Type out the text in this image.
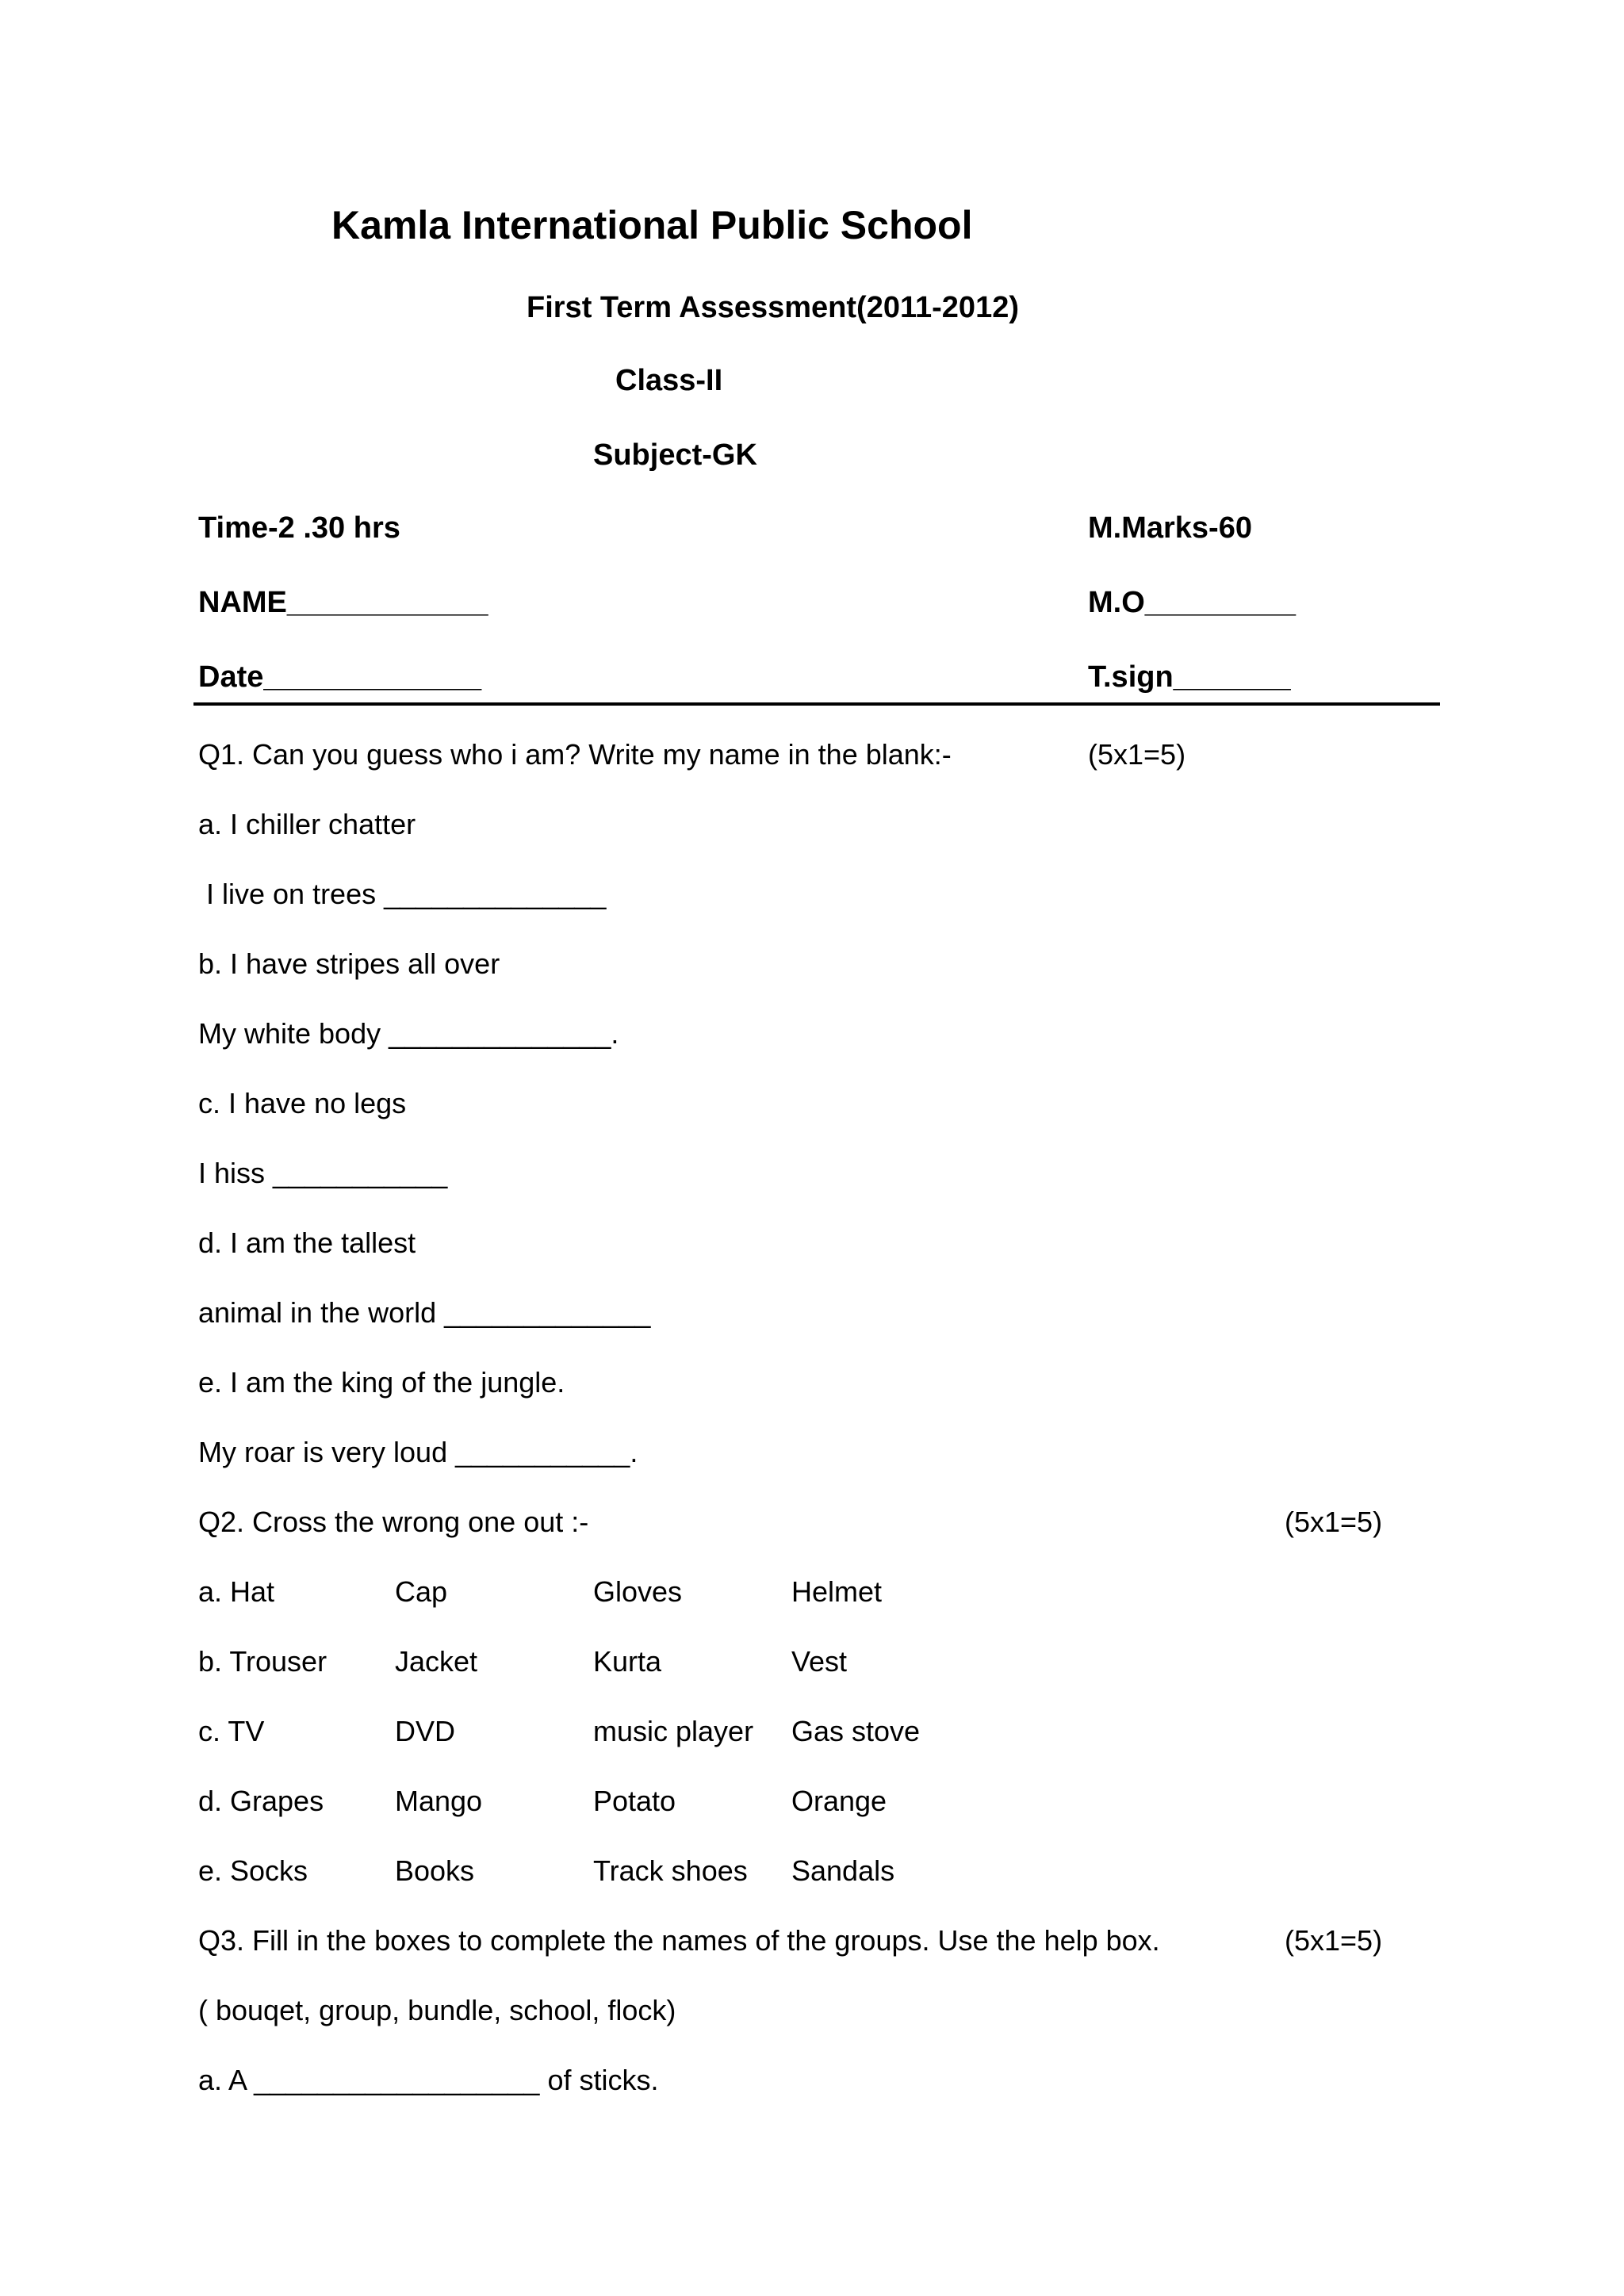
Kamla International Public School
First Term Assessment(2011-2012)
Class-II
Subject-GK
Time-2 .30 hrs	M.Marks-60
NAME____________	M.O_________
Date_____________	T.sign_______
Q1. Can you guess who i am? Write my name in the blank:-	(5x1=5)
a. I chiller chatter
I live on trees ______________
b. I have stripes all over
My white body ______________.
c. I have no legs
I hiss ___________
d. I am the tallest
animal in the world _____________
e. I am the king of the jungle.
My roar is very loud ___________.
Q2. Cross the wrong one out :-	(5x1=5)
a. Hat	Cap	Gloves	Helmet
b. Trouser Jacket	Kurta	Vest
c. TV	DVD	music player Gas stove
d. Grapes Mango	Potato	Orange
e. Socks	Books	Track shoes Sandals
Q3. Fill in the boxes to complete the names of the groups. Use the help box.	(5x1=5)
( bouqet, group, bundle, school, flock)
a. A __________________ of sticks.
